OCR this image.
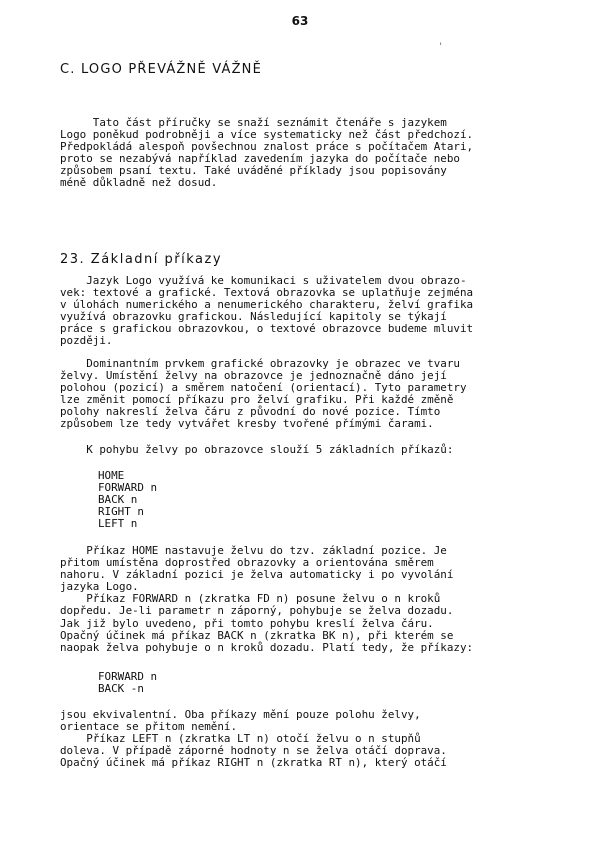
63
'
C. LOGO PŘEVÁŽNĚ VÁŽNĚ
Tato část příručky se snaží seznámit čtenáře s jazykem
Logo poněkud podrobněji a více systematicky než část předchozí.
Předpokládá alespoň povšechnou znalost práce s počítačem Atari,
proto se nezabývá například zavedením jazyka do počítače nebo
způsobem psaní textu. Také uváděné příklady jsou popisovány
méně důkladně než dosud.
23. Základní příkazy
Jazyk Logo využívá ke komunikaci s uživatelem dvou obrazo-
vek: textové a grafické. Textová obrazovka se uplatňuje zejména
v úlohách numerického a nenumerického charakteru, želví grafika
využívá obrazovku grafickou. Následující kapitoly se týkají
práce s grafickou obrazovkou, o textové obrazovce budeme mluvit
později.
Dominantním prvkem grafické obrazovky je obrazec ve tvaru
želvy. Umístění želvy na obrazovce je jednoznačně dáno její
polohou (pozicí) a směrem natočení (orientací). Tyto parametry
lze změnit pomocí příkazu pro želví grafiku. Při každé změně
polohy nakreslí želva čáru z původní do nové pozice. Tímto
způsobem lze tedy vytvářet kresby tvořené přímými čarami.
K pohybu želvy po obrazovce slouží 5 základních příkazů:
HOME
FORWARD n
BACK n
RIGHT n
LEFT n
Příkaz HOME nastavuje želvu do tzv. základní pozice. Je
přitom umístěna doprostřed obrazovky a orientována směrem
nahoru. V základní pozici je želva automaticky i po vyvolání
jazyka Logo.
Příkaz FORWARD n (zkratka FD n) posune želvu o n kroků
dopředu. Je-li parametr n záporný, pohybuje se želva dozadu.
Jak již bylo uvedeno, při tomto pohybu kreslí želva čáru.
Opačný účinek má příkaz BACK n (zkratka BK n), při kterém se
naopak želva pohybuje o n kroků dozadu. Platí tedy, že příkazy:
FORWARD n
BACK -n
jsou ekvivalentní. Oba příkazy mění pouze polohu želvy,
orientace se přitom nemění.
Příkaz LEFT n (zkratka LT n) otočí želvu o n stupňů
doleva. V případě záporné hodnoty n se želva otáčí doprava.
Opačný účinek má příkaz RIGHT n (zkratka RT n), který otáčí
